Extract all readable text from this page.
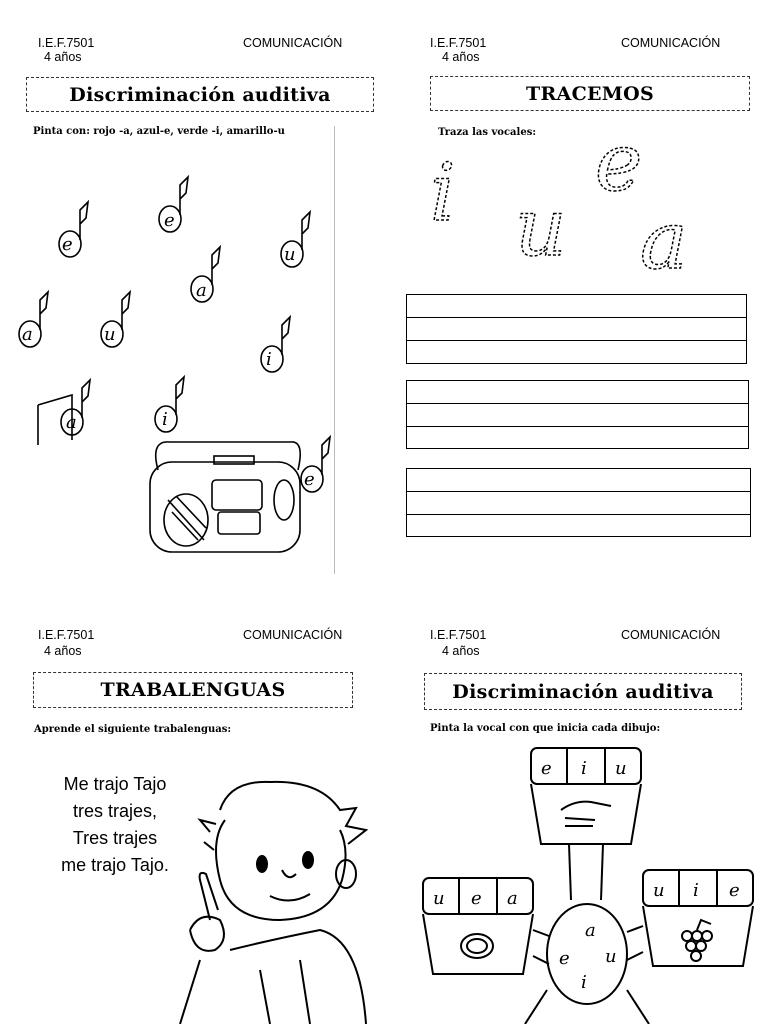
I.E.F.7501
4 años
COMUNICACIÓN
Discriminación auditiva
Pinta con: rojo -a, azul-e, verde -i, amarillo-u
e
e
u
a
a	u
i
a	i
e
I.E.F.7501
4 años
COMUNICACIÓN
TRACEMOS
Traza las vocales:
i e
u a
I.E.F.7501
4 años
COMUNICACIÓN
TRABALENGUAS
Aprende el siguiente trabalenguas:
Me trajo Tajo
tres trajes,
Tres trajes
me trajo Tajo.
I.E.F.7501
4 años
COMUNICACIÓN
Discriminación auditiva
Pinta la vocal con que inicia cada dibujo:
e i u
u e a	u i e
a
e u
i
